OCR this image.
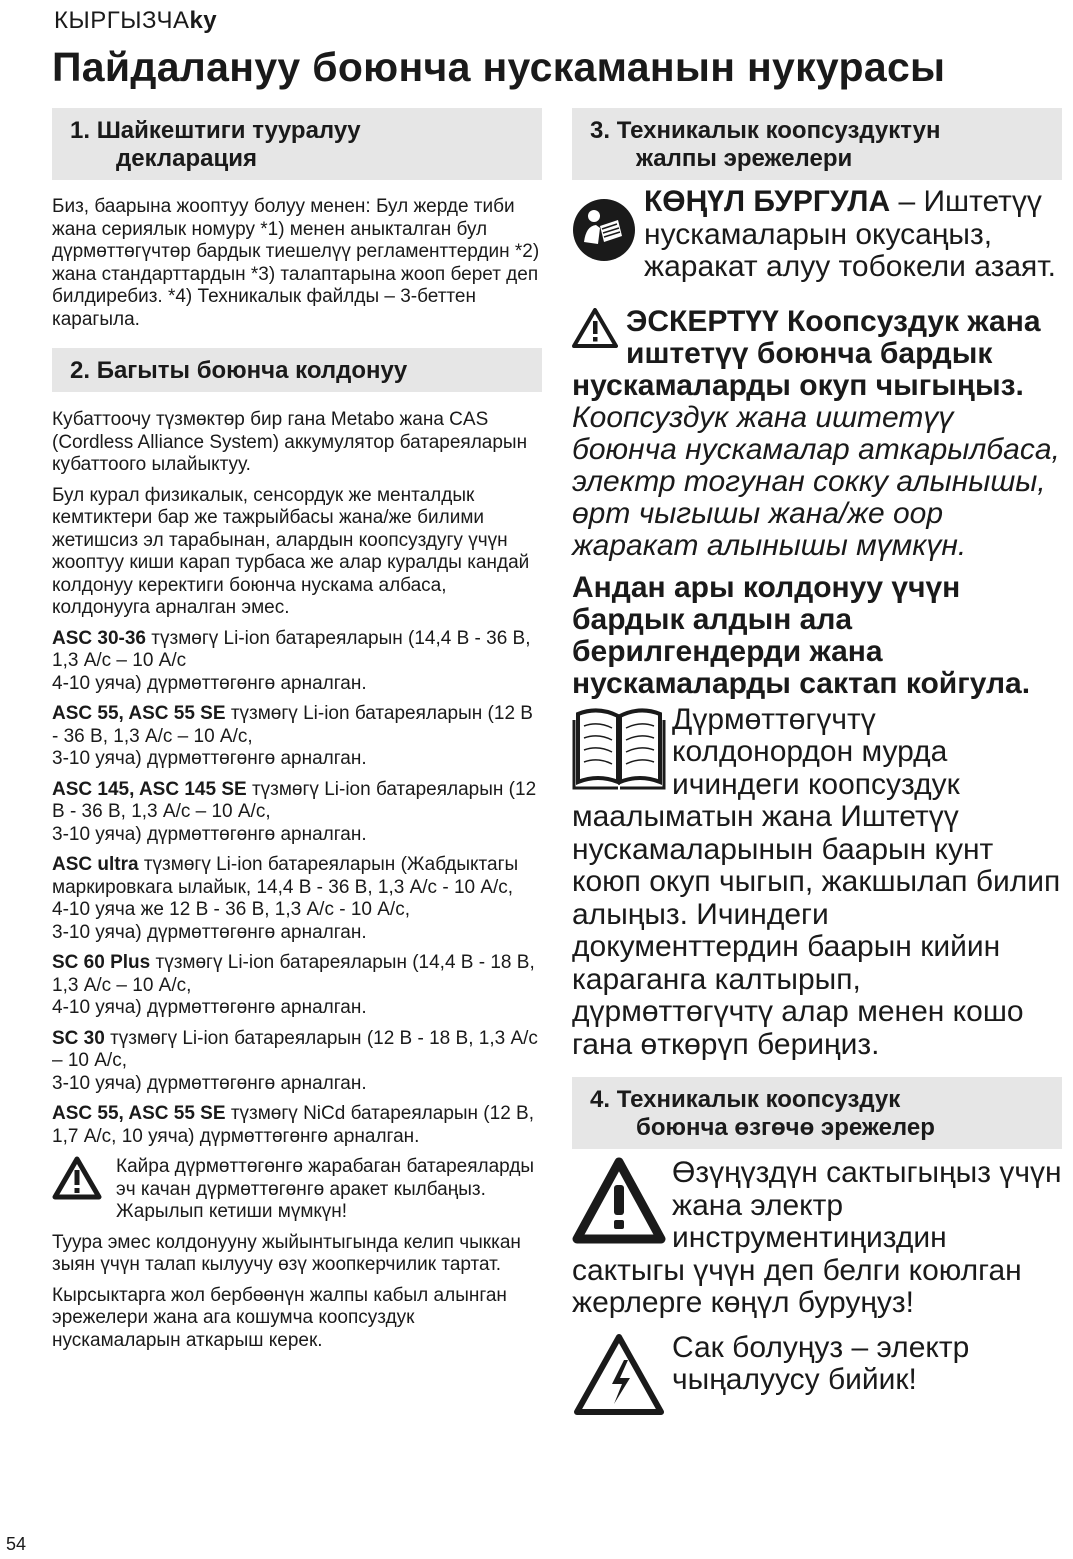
КЫРГЫЗЧАky
Пайдалануу боюнча нускаманын нукурасы
1. Шайкештиги тууралуу
декларация

Биз, баарына жооптуу болуу менен: Бул жерде тиби жана сериялык номуру *1) менен аныкталган бул дүрмөттөгүчтөр бардык тиешелүү регламенттердин *2) жана стандарттардын *3) талаптарына жооп берет деп билдиребиз. *4) Техникалык файлды – 3-беттен карагыла.

2. Багыты боюнча колдонуу

Кубаттоочу түзмөктөр бир гана Metabo жана CAS (Cordless Alliance System) аккумулятор батареяларын кубаттоого ылайыктуу.

Бул курал физикалык, сенсордук же менталдык кемтиктери бар же тажрыйбасы жана/же билими жетишсиз эл тарабынан, алардын коопсуздугу үчүн жооптуу киши карап турбаса же алар куралды кандай колдонуу керектиги боюнча нускама албаса, колдонууга арналган эмес.

ASC 30-36 түзмөгү Li-ion батареяларын (14,4 В - 36 В, 1,3 А/с – 10 А/с
4-10 уяча) дүрмөттөгөнгө арналган.

ASC 55, ASC 55 SE түзмөгү Li-ion батареяларын (12 В - 36 В, 1,3 А/с – 10 А/с,
3-10 уяча) дүрмөттөгөнгө арналган.

ASC 145, ASC 145 SE түзмөгү Li-ion батареяларын (12 В - 36 В, 1,3 А/с – 10 А/с,
3-10 уяча) дүрмөттөгөнгө арналган.

ASC ultra түзмөгү Li-ion батареяларын (Жабдыктагы маркировкага ылайык, 14,4 В - 36 В, 1,3 А/с - 10 А/с,
4-10 уяча же 12 В - 36 В, 1,3 А/с - 10 А/с,
3-10 уяча) дүрмөттөгөнгө арналган.

SC 60 Plus түзмөгү Li-ion батареяларын (14,4 В - 18 В, 1,3 А/с – 10 А/с,
4-10 уяча) дүрмөттөгөнгө арналган.

SC 30 түзмөгү Li-ion батареяларын (12 В - 18 В, 1,3 А/с – 10 А/с,
3-10 уяча) дүрмөттөгөнгө арналган.

ASC 55, ASC 55 SE түзмөгү NiCd батареяларын (12 В, 1,7 А/с, 10 уяча) дүрмөттөгөнгө арналган.

Кайра дүрмөттөгөнгө жарабаган батареяларды эч качан дүрмөттөгөнгө аракет кылбаңыз. Жарылып кетиши мүмкүн!

Туура эмес колдонууну жыйынтыгында келип чыккан зыян үчүн талап кылуучу өзү жоопкерчилик тартат.

Кырсыктарга жол бербөөнүн жалпы кабыл алынган эрежелери жана ага кошумча коопсуздук нускамаларын аткарыш керек.

3. Техникалык коопсуздуктун
жалпы эрежелери
КӨҢҮЛ БУРГУЛА – Иштетүү нускамаларын окусаңыз, жаракат алуу тобокели азаят.
ЭСКЕРТҮҮ Коопсуздук жана иштетүү боюнча бардык нускамаларды окуп чыгыңыз. Коопсуздук жана иштетүү боюнча нускамалар аткарылбаса, электр тогунан сокку алынышы, өрт чыгышы жана/же оор жаракат алынышы мүмкүн.
Андан ары колдонуу үчүн бардык алдын ала берилгендерди жана нускамаларды сактап койгула.
Дүрмөттөгүчтү колдонордон мурда ичиндеги коопсуздук маалыматын жана Иштетүү нускамаларынын баарын кунт коюп окуп чыгып, жакшылап билип алыңыз. Ичиндеги документтердин баарын кийин караганга калтырып, дүрмөттөгүчтү алар менен кошо гана өткөрүп бериңиз.
4. Техникалык коопсуздук
боюнча өзгөчө эрежелер
Өзүңүздүн сактыгыңыз үчүн жана электр инструментиңиздин сактыгы үчүн деп белги коюлган жерлерге көңүл буруңуз!
Сак болуңуз – электр чыңалуусу бийик!
54
